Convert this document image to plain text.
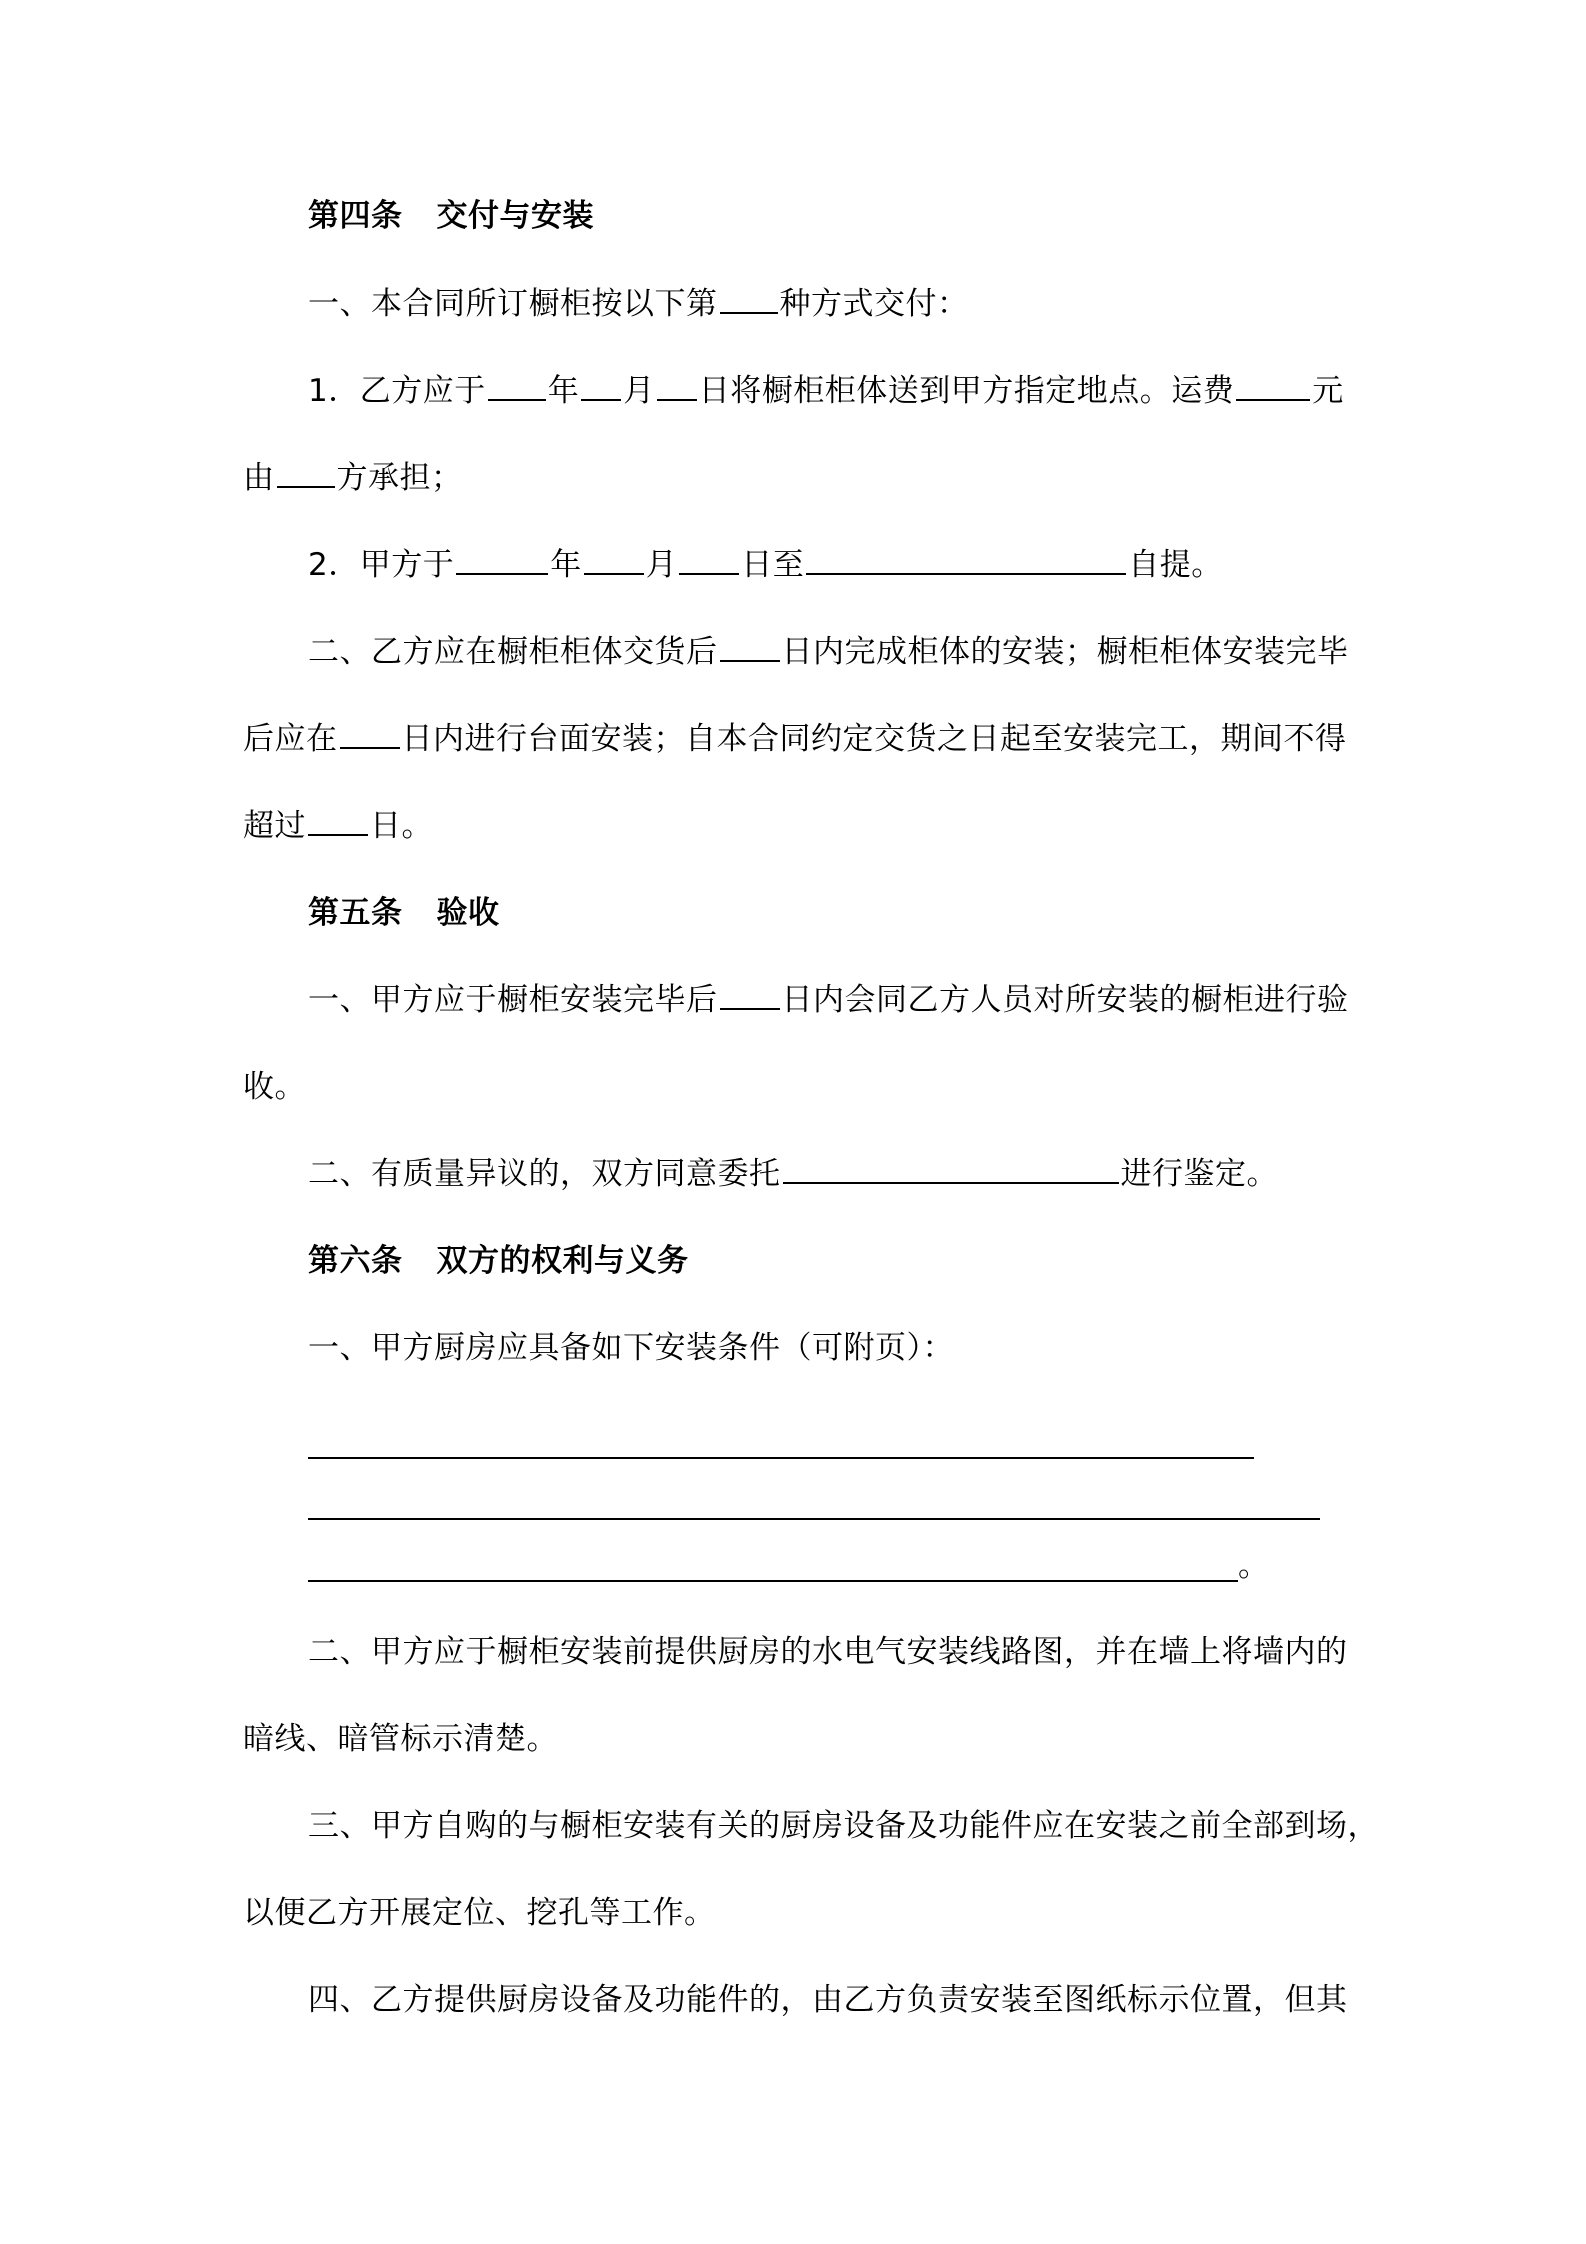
第四条 交付与安装
一、本合同所订橱柜按以下第 种方式交付：
1．乙方应于 年 月 日将橱柜柜体送到甲方指定地点。运费	元
由 方承担；
2．甲方于	年 月 日至	自提。
二、乙方应在橱柜柜体交货后 日内完成柜体的安装；橱柜柜体安装完毕
后应在 日内进行台面安装；自本合同约定交货之日起至安装完工，期间不得
超过 日。
第五条 验收
一、甲方应于橱柜安装完毕后 日内会同乙方人员对所安装的橱柜进行验
收。
二、有质量异议的，双方同意委托	进行鉴定。
第六条 双方的权利与义务
一、甲方厨房应具备如下安装条件（可附页）：
。
二、甲方应于橱柜安装前提供厨房的水电气安装线路图，并在墙上将墙内的
暗线、暗管标示清楚。
三、甲方自购的与橱柜安装有关的厨房设备及功能件应在安装之前全部到场，
以便乙方开展定位、挖孔等工作。
四、乙方提供厨房设备及功能件的，由乙方负责安装至图纸标示位置，但其
